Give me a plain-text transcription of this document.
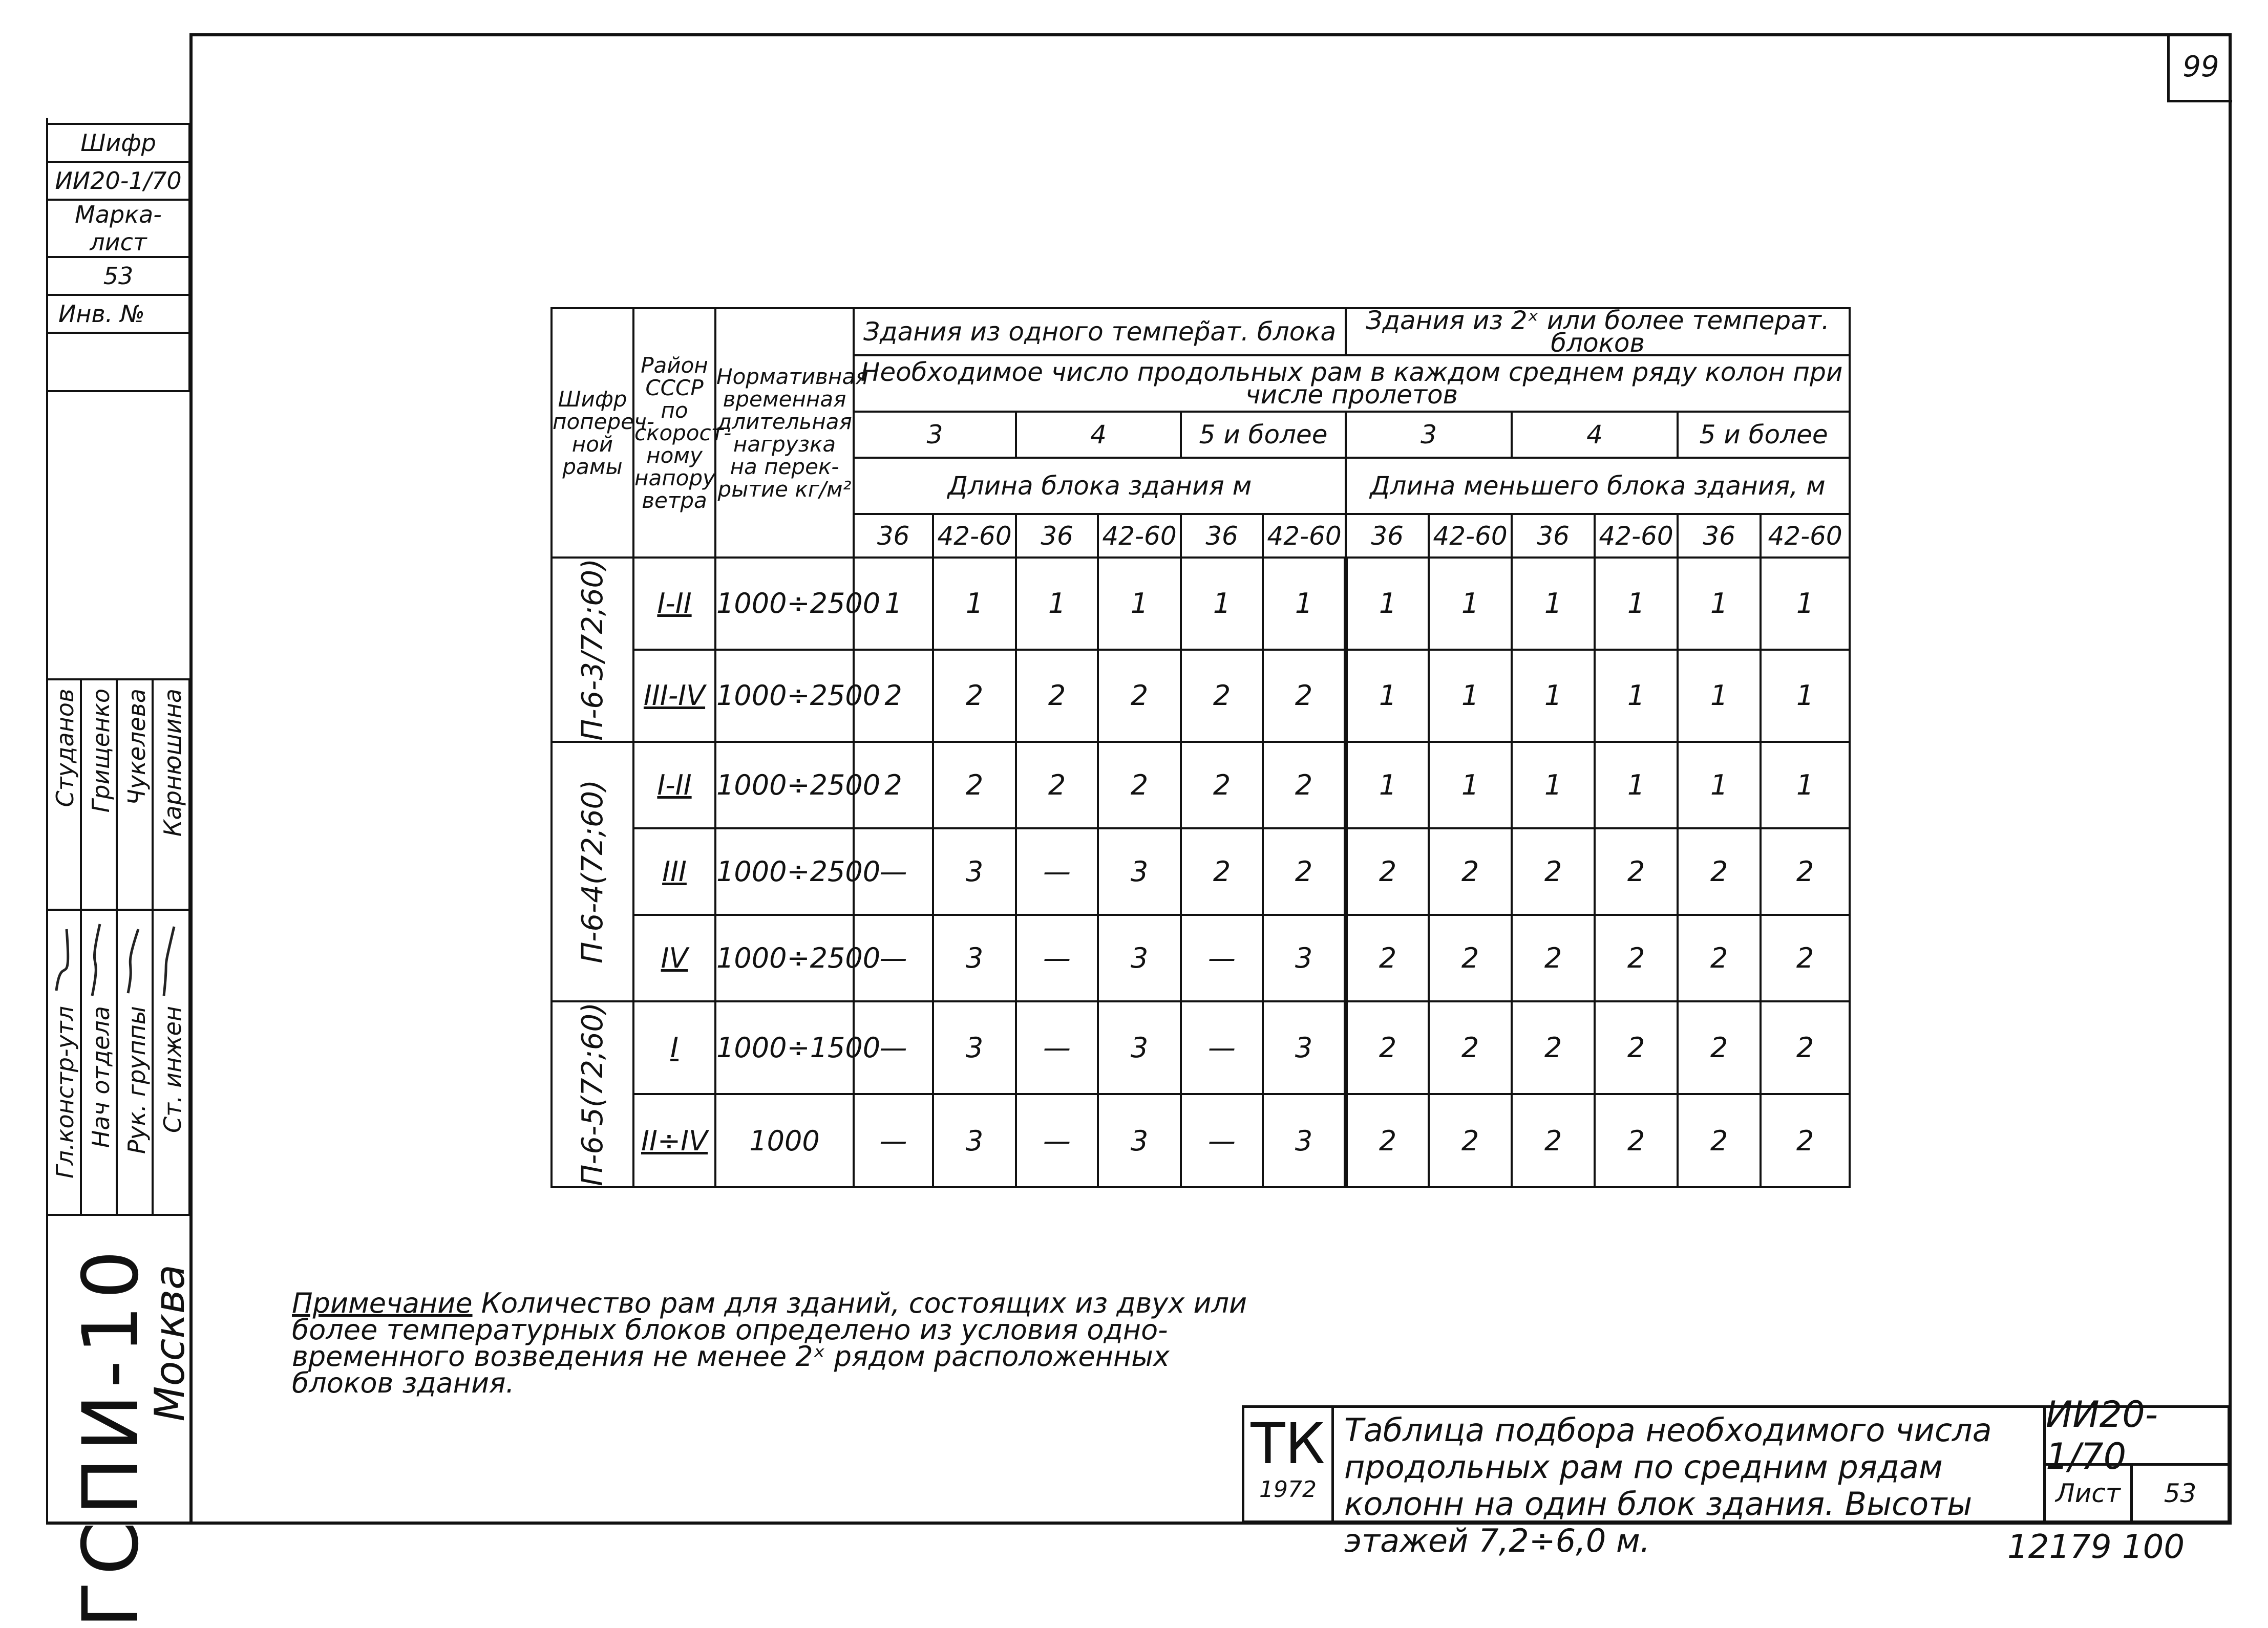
99
Шифр
ИИ20-1/70
Марка-лист
53
Инв. №

Гл.констр-утл Нач отдела Рук. группы Ст. инжен
Студанов Грищенко Чукелева Карнюшина
ГСПИ-10
Москва
Шифр попереч-ной рамы	Район СССР по скорост-ному напору ветра	Нормативная временная длительная нагрузка на перек-рытие кг/м²	Здания из одного темпер̃ат. блока						Здания из 2ˣ или более темперaт. блоков					
			Необходимое число продольных рам в каждом среднем ряду колон при числе пролетов											
			3		4		5 и более		3		4		5 и более	
			Длина блока здания м						Длина меньшего блока здания, м					
			36	42-60	36	42-60	36	42-60	36	42-60	36	42-60	36	42-60

П-6-3/72;60)	I-II	1000÷2500	1	1	1	1	1	1	1	1	1	1	1	1
	III-IV	1000÷2500	2	2	2	2	2	2	1	1	1	1	1	1

П-6-4(72;60)	I-II	1000÷2500	2	2	2	2	2	2	1	1	1	1	1	1
	III	1000÷2500	—	3	—	3	2	2	2	2	2	2	2	2
	IV	1000÷2500	—	3	—	3	—	3	2	2	2	2	2	2

П-6-5(72;60)	I	1000÷1500	—	3	—	3	—	3	2	2	2	2	2	2
	II÷IV	1000	—	3	—	3	—	3	2	2	2	2	2	2
Примечание Количество рам для зданий, состоящих из двух или более температурных блоков определено из условия одно-временного возведения не менее 2ˣ рядом расположенных блоков здания.
ТК
1972
Таблица подбора необходимого числа продольных рам по средним рядам колонн на один блок здания. Высоты этажей 7,2÷6,0 м.
ИИ20-1/70
Лист	53
12179 100
